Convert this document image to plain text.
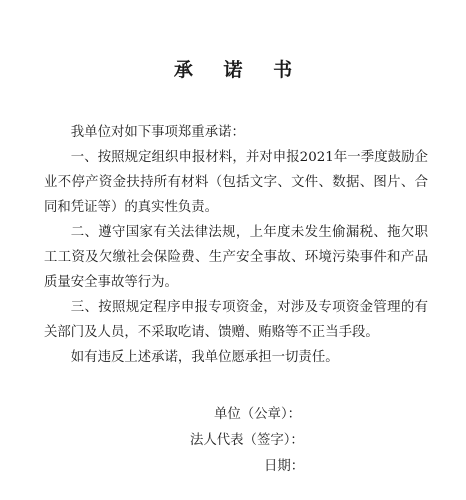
承 诺 书

我单位对如下事项郑重承诺：

一、按照规定组织申报材料，并对申报2021年一季度鼓励企业不停产资金扶持所有材料（包括文字、文件、数据、图片、合同和凭证等）的真实性负责。

二、遵守国家有关法律法规，上年度未发生偷漏税、拖欠职工工资及欠缴社会保险费、生产安全事故、环境污染事件和产品质量安全事故等行为。

三、按照规定程序申报专项资金，对涉及专项资金管理的有关部门及人员，不采取吃请、馈赠、贿赂等不正当手段。

如有违反上述承诺，我单位愿承担一切责任。

单位（公章）：
法人代表（签字）：
日期：
